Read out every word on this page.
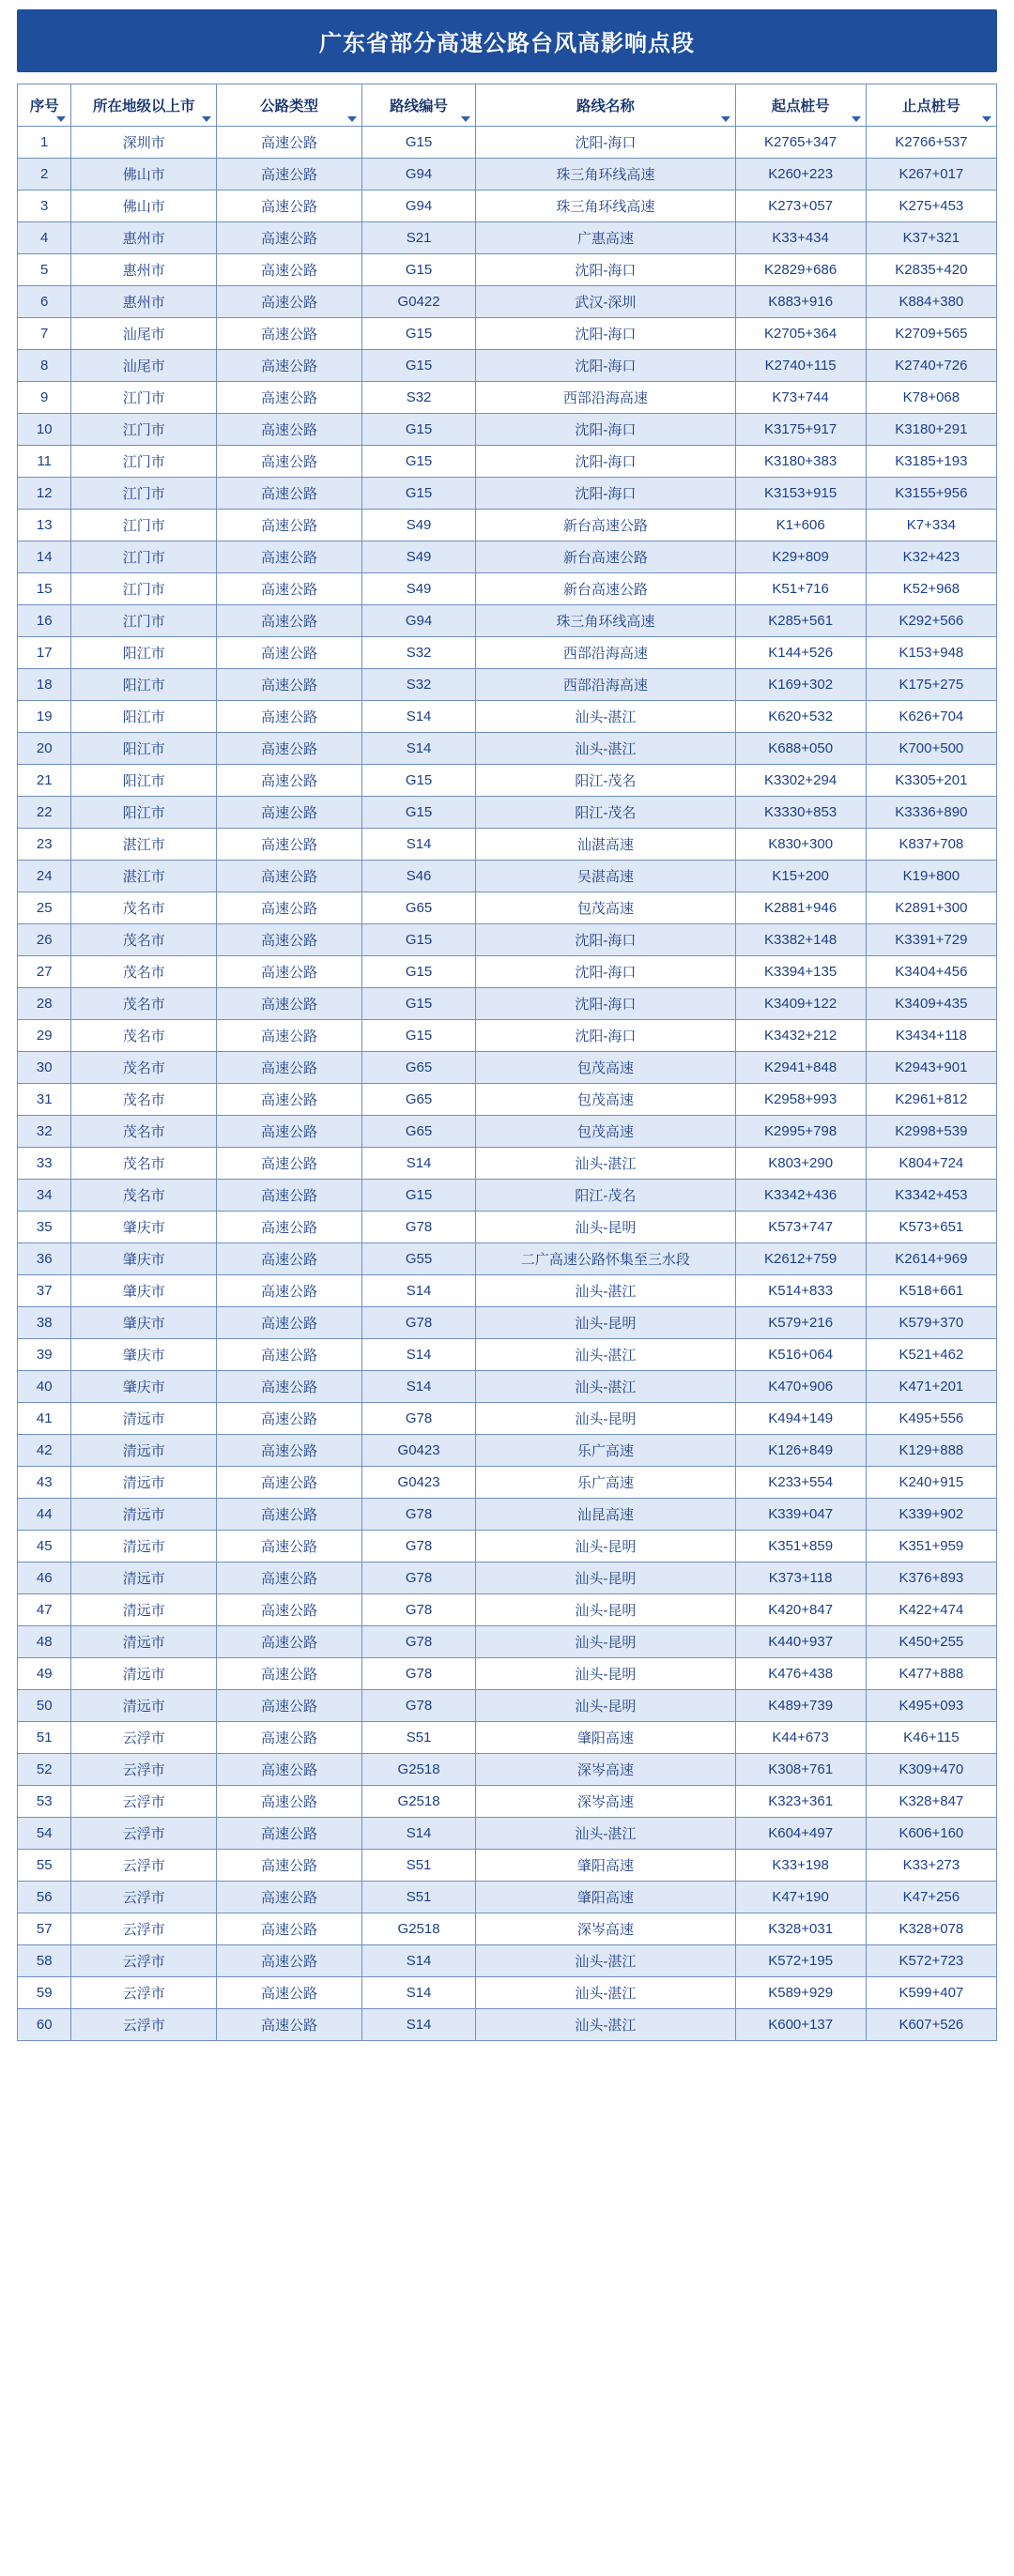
广东省部分高速公路台风高影响点段
序号	所在地级以上市	公路类型	路线编号	路线名称	起点桩号	止点桩号

1	深圳市	高速公路	G15	沈阳-海口	K2765+347	K2766+537
2	佛山市	高速公路	G94	珠三角环线高速	K260+223	K267+017
3	佛山市	高速公路	G94	珠三角环线高速	K273+057	K275+453
4	惠州市	高速公路	S21	广惠高速	K33+434	K37+321
5	惠州市	高速公路	G15	沈阳-海口	K2829+686	K2835+420
6	惠州市	高速公路	G0422	武汉-深圳	K883+916	K884+380
7	汕尾市	高速公路	G15	沈阳-海口	K2705+364	K2709+565
8	汕尾市	高速公路	G15	沈阳-海口	K2740+115	K2740+726
9	江门市	高速公路	S32	西部沿海高速	K73+744	K78+068
10	江门市	高速公路	G15	沈阳-海口	K3175+917	K3180+291
11	江门市	高速公路	G15	沈阳-海口	K3180+383	K3185+193
12	江门市	高速公路	G15	沈阳-海口	K3153+915	K3155+956
13	江门市	高速公路	S49	新台高速公路	K1+606	K7+334
14	江门市	高速公路	S49	新台高速公路	K29+809	K32+423
15	江门市	高速公路	S49	新台高速公路	K51+716	K52+968
16	江门市	高速公路	G94	珠三角环线高速	K285+561	K292+566
17	阳江市	高速公路	S32	西部沿海高速	K144+526	K153+948
18	阳江市	高速公路	S32	西部沿海高速	K169+302	K175+275
19	阳江市	高速公路	S14	汕头-湛江	K620+532	K626+704
20	阳江市	高速公路	S14	汕头-湛江	K688+050	K700+500
21	阳江市	高速公路	G15	阳江-茂名	K3302+294	K3305+201
22	阳江市	高速公路	G15	阳江-茂名	K3330+853	K3336+890
23	湛江市	高速公路	S14	汕湛高速	K830+300	K837+708
24	湛江市	高速公路	S46	吴湛高速	K15+200	K19+800
25	茂名市	高速公路	G65	包茂高速	K2881+946	K2891+300
26	茂名市	高速公路	G15	沈阳-海口	K3382+148	K3391+729
27	茂名市	高速公路	G15	沈阳-海口	K3394+135	K3404+456
28	茂名市	高速公路	G15	沈阳-海口	K3409+122	K3409+435
29	茂名市	高速公路	G15	沈阳-海口	K3432+212	K3434+118
30	茂名市	高速公路	G65	包茂高速	K2941+848	K2943+901
31	茂名市	高速公路	G65	包茂高速	K2958+993	K2961+812
32	茂名市	高速公路	G65	包茂高速	K2995+798	K2998+539
33	茂名市	高速公路	S14	汕头-湛江	K803+290	K804+724
34	茂名市	高速公路	G15	阳江-茂名	K3342+436	K3342+453
35	肇庆市	高速公路	G78	汕头-昆明	K573+747	K573+651
36	肇庆市	高速公路	G55	二广高速公路怀集至三水段	K2612+759	K2614+969
37	肇庆市	高速公路	S14	汕头-湛江	K514+833	K518+661
38	肇庆市	高速公路	G78	汕头-昆明	K579+216	K579+370
39	肇庆市	高速公路	S14	汕头-湛江	K516+064	K521+462
40	肇庆市	高速公路	S14	汕头-湛江	K470+906	K471+201
41	清远市	高速公路	G78	汕头-昆明	K494+149	K495+556
42	清远市	高速公路	G0423	乐广高速	K126+849	K129+888
43	清远市	高速公路	G0423	乐广高速	K233+554	K240+915
44	清远市	高速公路	G78	汕昆高速	K339+047	K339+902
45	清远市	高速公路	G78	汕头-昆明	K351+859	K351+959
46	清远市	高速公路	G78	汕头-昆明	K373+118	K376+893
47	清远市	高速公路	G78	汕头-昆明	K420+847	K422+474
48	清远市	高速公路	G78	汕头-昆明	K440+937	K450+255
49	清远市	高速公路	G78	汕头-昆明	K476+438	K477+888
50	清远市	高速公路	G78	汕头-昆明	K489+739	K495+093
51	云浮市	高速公路	S51	肇阳高速	K44+673	K46+115
52	云浮市	高速公路	G2518	深岑高速	K308+761	K309+470
53	云浮市	高速公路	G2518	深岑高速	K323+361	K328+847
54	云浮市	高速公路	S14	汕头-湛江	K604+497	K606+160
55	云浮市	高速公路	S51	肇阳高速	K33+198	K33+273
56	云浮市	高速公路	S51	肇阳高速	K47+190	K47+256
57	云浮市	高速公路	G2518	深岑高速	K328+031	K328+078
58	云浮市	高速公路	S14	汕头-湛江	K572+195	K572+723
59	云浮市	高速公路	S14	汕头-湛江	K589+929	K599+407
60	云浮市	高速公路	S14	汕头-湛江	K600+137	K607+526
